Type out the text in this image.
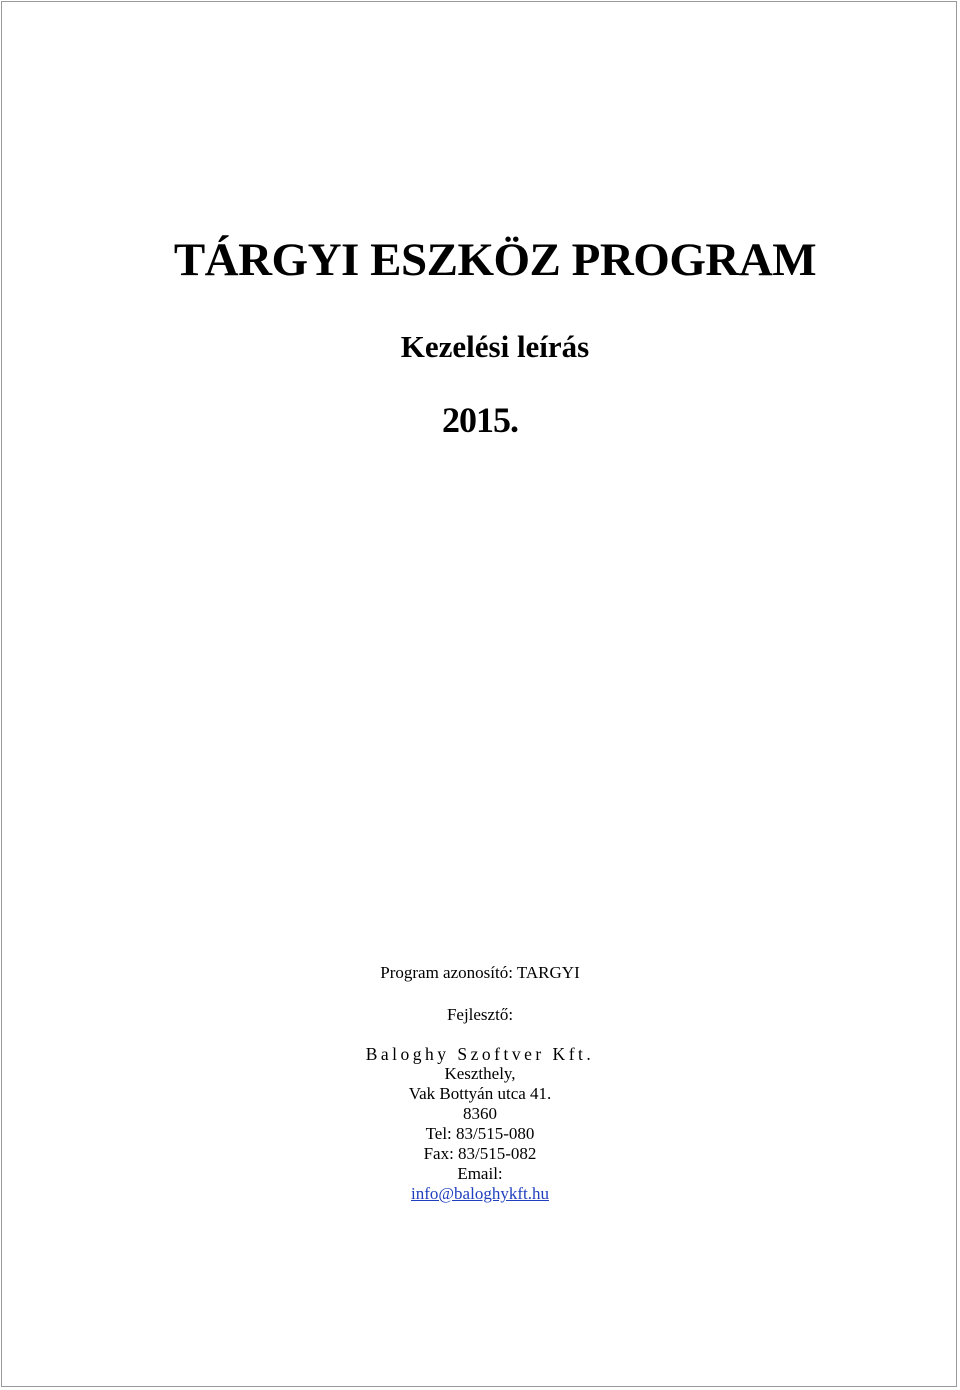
TÁRGYI ESZKÖZ PROGRAM
Kezelési leírás
2015.
Program azonosító: TARGYI
Fejlesztő:
Baloghy Szoftver Kft.
Keszthely,
Vak Bottyán utca 41.
8360
Tel: 83/515-080
Fax: 83/515-082
Email:
info@baloghykft.hu
